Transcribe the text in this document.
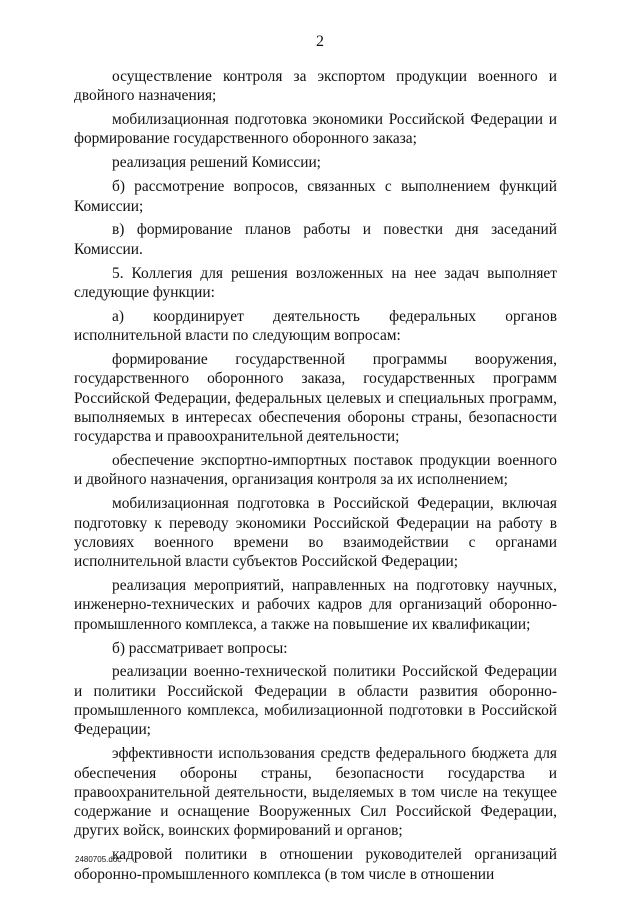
2

осуществление контроля за экспортом продукции военного и двойного назначения;

мобилизационная подготовка экономики Российской Федерации и формирование государственного оборонного заказа;

реализация решений Комиссии;

б) рассмотрение вопросов, связанных с выполнением функций Комиссии;

в) формирование планов работы и повестки дня заседаний Комиссии.

5. Коллегия для решения возложенных на нее задач выполняет следующие функции:

а) координирует деятельность федеральных органов исполнительной власти по следующим вопросам:

формирование государственной программы вооружения, государственного оборонного заказа, государственных программ Российской Федерации, федеральных целевых и специальных программ, выполняемых в интересах обеспечения обороны страны, безопасности государства и правоохранительной деятельности;

обеспечение экспортно-импортных поставок продукции военного и двойного назначения, организация контроля за их исполнением;

мобилизационная подготовка в Российской Федерации, включая подготовку к переводу экономики Российской Федерации на работу в условиях военного времени во взаимодействии с органами исполнительной власти субъектов Российской Федерации;

реализация мероприятий, направленных на подготовку научных, инженерно-технических и рабочих кадров для организаций оборонно-промышленного комплекса, а также на повышение их квалификации;

б) рассматривает вопросы:

реализации военно-технической политики Российской Федерации и политики Российской Федерации в области развития оборонно-промышленного комплекса, мобилизационной подготовки в Российской Федерации;

эффективности использования средств федерального бюджета для обеспечения обороны страны, безопасности государства и правоохранительной деятельности, выделяемых в том числе на текущее содержание и оснащение Вооруженных Сил Российской Федерации, других войск, воинских формирований и органов;

кадровой политики в отношении руководителей организаций оборонно-промышленного комплекса (в том числе в отношении

2480705.doc
